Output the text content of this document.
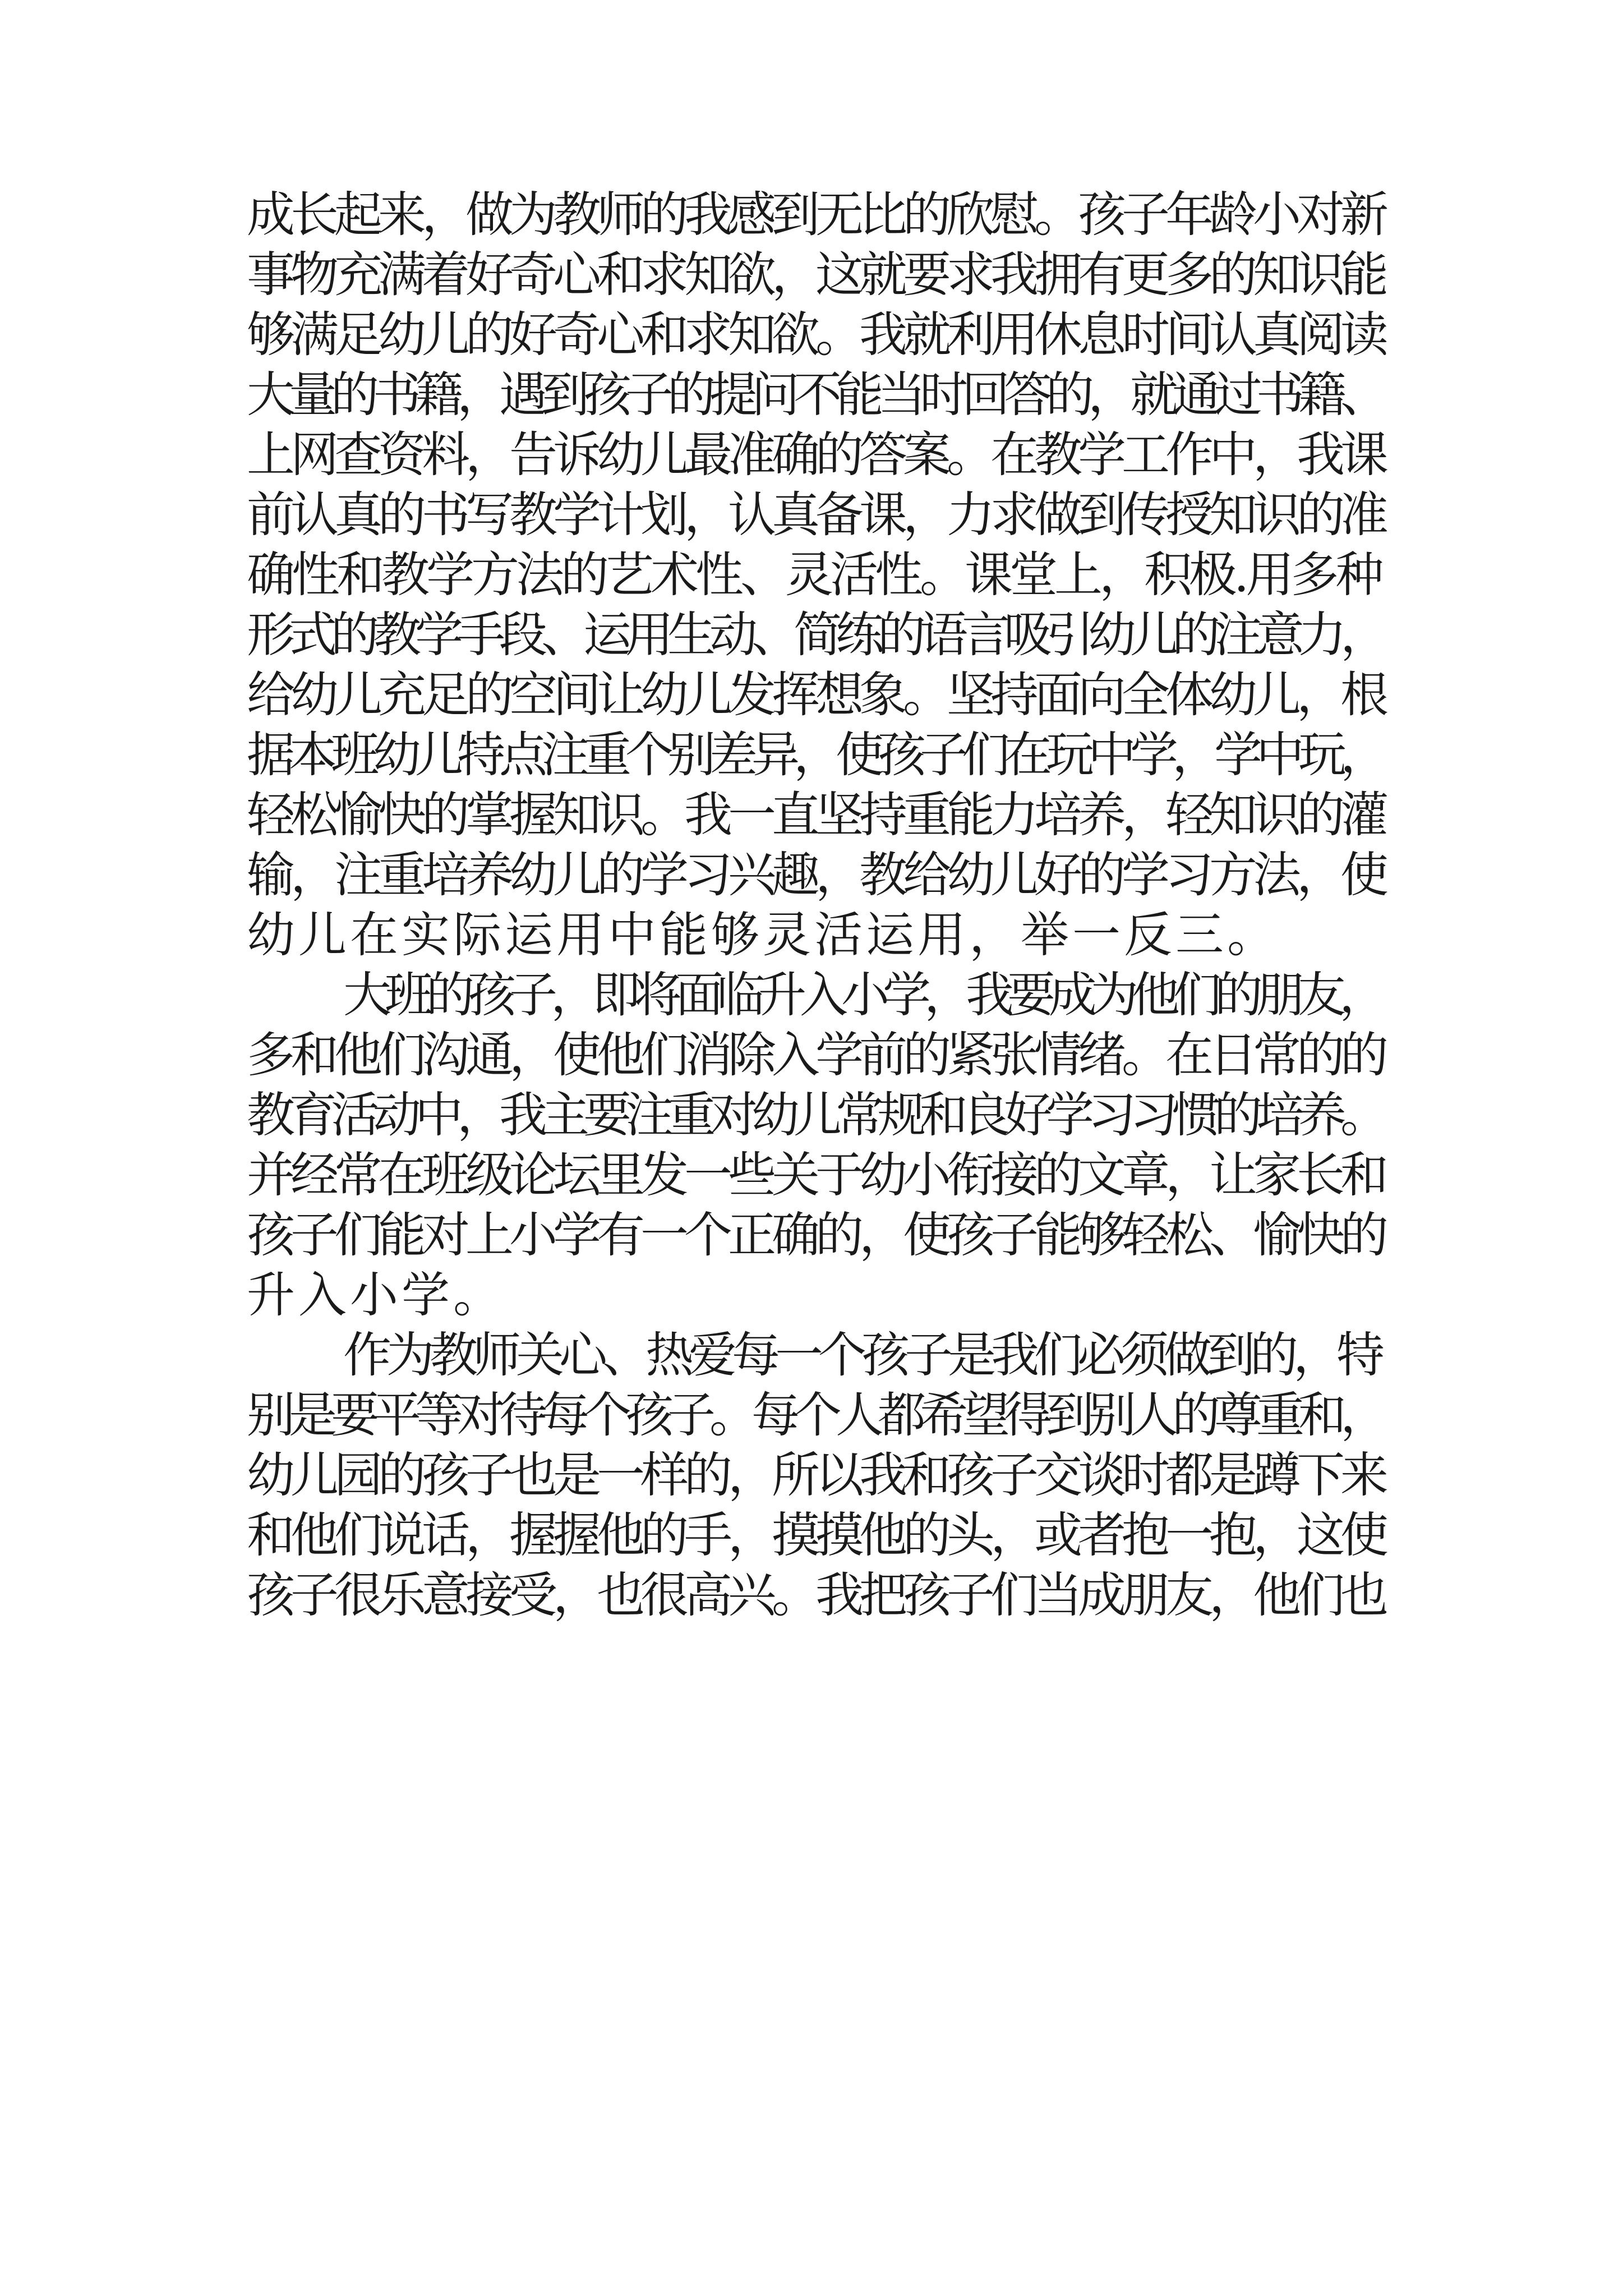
成长起来，做为教师的我感到无比的欣慰。孩子年龄小对新
事物充满着好奇心和求知欲，这就要求我拥有更多的知识能
够满足幼儿的好奇心和求知欲。我就利用休息时间认真阅读
大量的书籍，遇到孩子的提问不能当时回答的，就通过书籍、
上网查资料，告诉幼儿最准确的答案。在教学工作中，我课
前认真的书写教学计划，认真备课，力求做到传授知识的准
确性和教学方法的艺术性、灵活性。课堂上，积极.用多种
形式的教学手段、运用生动、简练的语言吸引幼儿的注意力，
给幼儿充足的空间让幼儿发挥想象。坚持面向全体幼儿，根
据本班幼儿特点注重个别差异，使孩子们在玩中学，学中玩，
轻松愉快的掌握知识。我一直坚持重能力培养，轻知识的灌
输，注重培养幼儿的学习兴趣，教给幼儿好的学习方法，使
幼儿在实际运用中能够灵活运用，举一反三。
大班的孩子，即将面临升入小学，我要成为他们的朋友，
多和他们沟通，使他们消除入学前的紧张情绪。在日常的的
教育活动中，我主要注重对幼儿常规和良好学习习惯的培养。
并经常在班级论坛里发一些关于幼小衔接的文章，让家长和
孩子们能对上小学有一个正确的，使孩子能够轻松、愉快的
升入小学。
作为教师关心、热爱每一个孩子是我们必须做到的，特
别是要平等对待每个孩子。每个人都希望得到别人的尊重和，
幼儿园的孩子也是一样的，所以我和孩子交谈时都是蹲下来
和他们说话，握握他的手，摸摸他的头，或者抱一抱，这使
孩子很乐意接受，也很高兴。我把孩子们当成朋友，他们也
